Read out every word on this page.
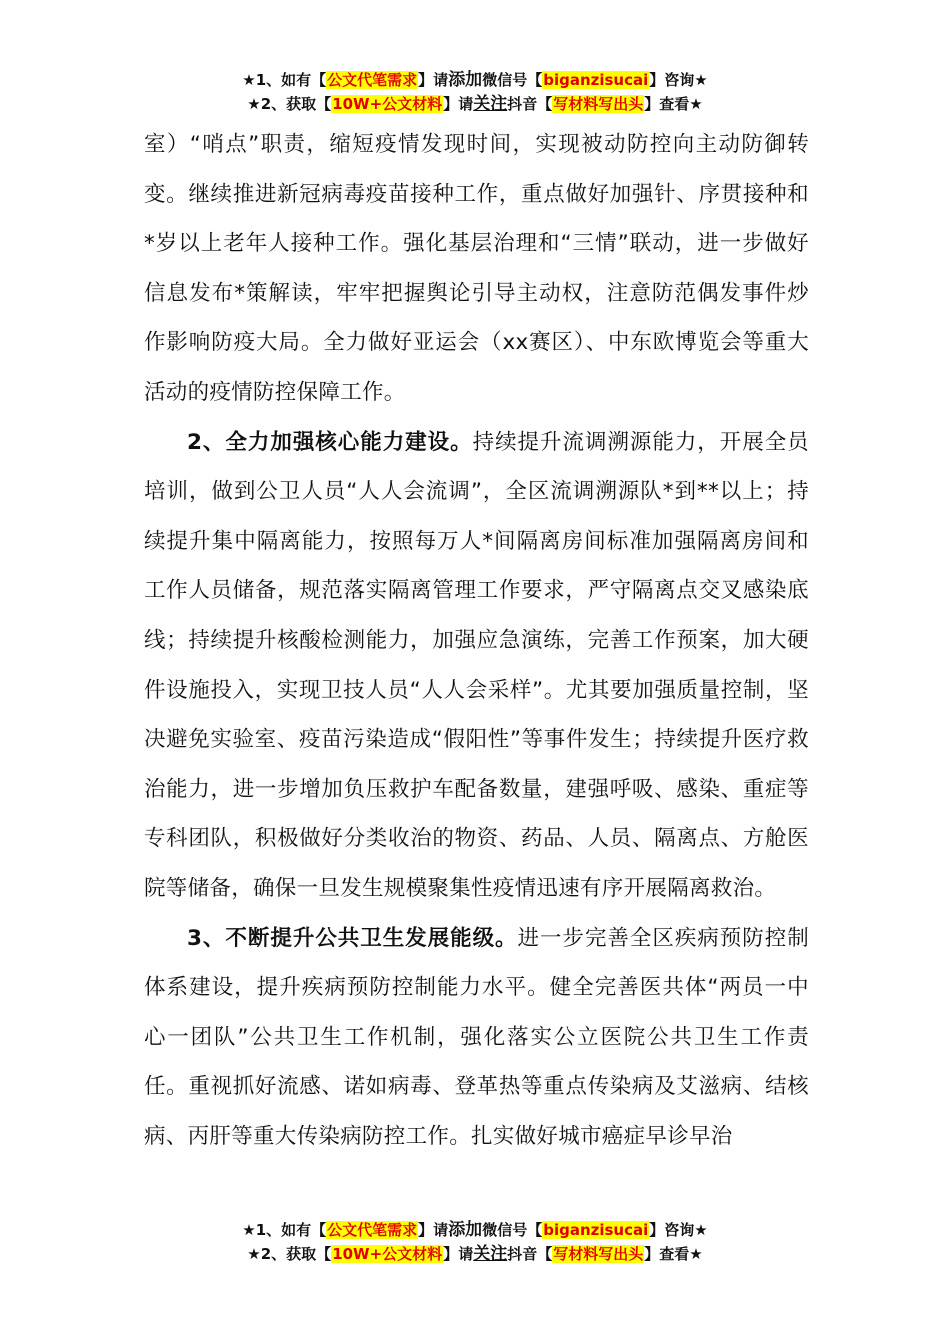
★1、如有【公文代笔需求】请添加微信号【biganzisucai】咨询★
★2、获取【10W+公文材料】请关注抖音【写材料写出头】查看★

室）“哨点”职责，缩短疫情发现时间，实现被动防控向主动防御转变。继续推进新冠病毒疫苗接种工作，重点做好加强针、序贯接种和*岁以上老年人接种工作。强化基层治理和“三情”联动，进一步做好信息发布*策解读，牢牢把握舆论引导主动权，注意防范偶发事件炒作影响防疫大局。全力做好亚运会（xx赛区）、中东欧博览会等重大活动的疫情防控保障工作。

2、全力加强核心能力建设。持续提升流调溯源能力，开展全员培训，做到公卫人员“人人会流调”，全区流调溯源队*到**以上；持续提升集中隔离能力，按照每万人*间隔离房间标准加强隔离房间和工作人员储备，规范落实隔离管理工作要求，严守隔离点交叉感染底线；持续提升核酸检测能力，加强应急演练，完善工作预案，加大硬件设施投入，实现卫技人员“人人会采样”。尤其要加强质量控制，坚决避免实验室、疫苗污染造成“假阳性”等事件发生；持续提升医疗救治能力，进一步增加负压救护车配备数量，建强呼吸、感染、重症等专科团队，积极做好分类收治的物资、药品、人员、隔离点、方舱医院等储备，确保一旦发生规模聚集性疫情迅速有序开展隔离救治。

3、不断提升公共卫生发展能级。进一步完善全区疾病预防控制体系建设，提升疾病预防控制能力水平。健全完善医共体“两员一中心一团队”公共卫生工作机制，强化落实公立医院公共卫生工作责任。重视抓好流感、诺如病毒、登革热等重点传染病及艾滋病、结核病、丙肝等重大传染病防控工作。扎实做好城市癌症早诊早治

★1、如有【公文代笔需求】请添加微信号【biganzisucai】咨询★
★2、获取【10W+公文材料】请关注抖音【写材料写出头】查看★
